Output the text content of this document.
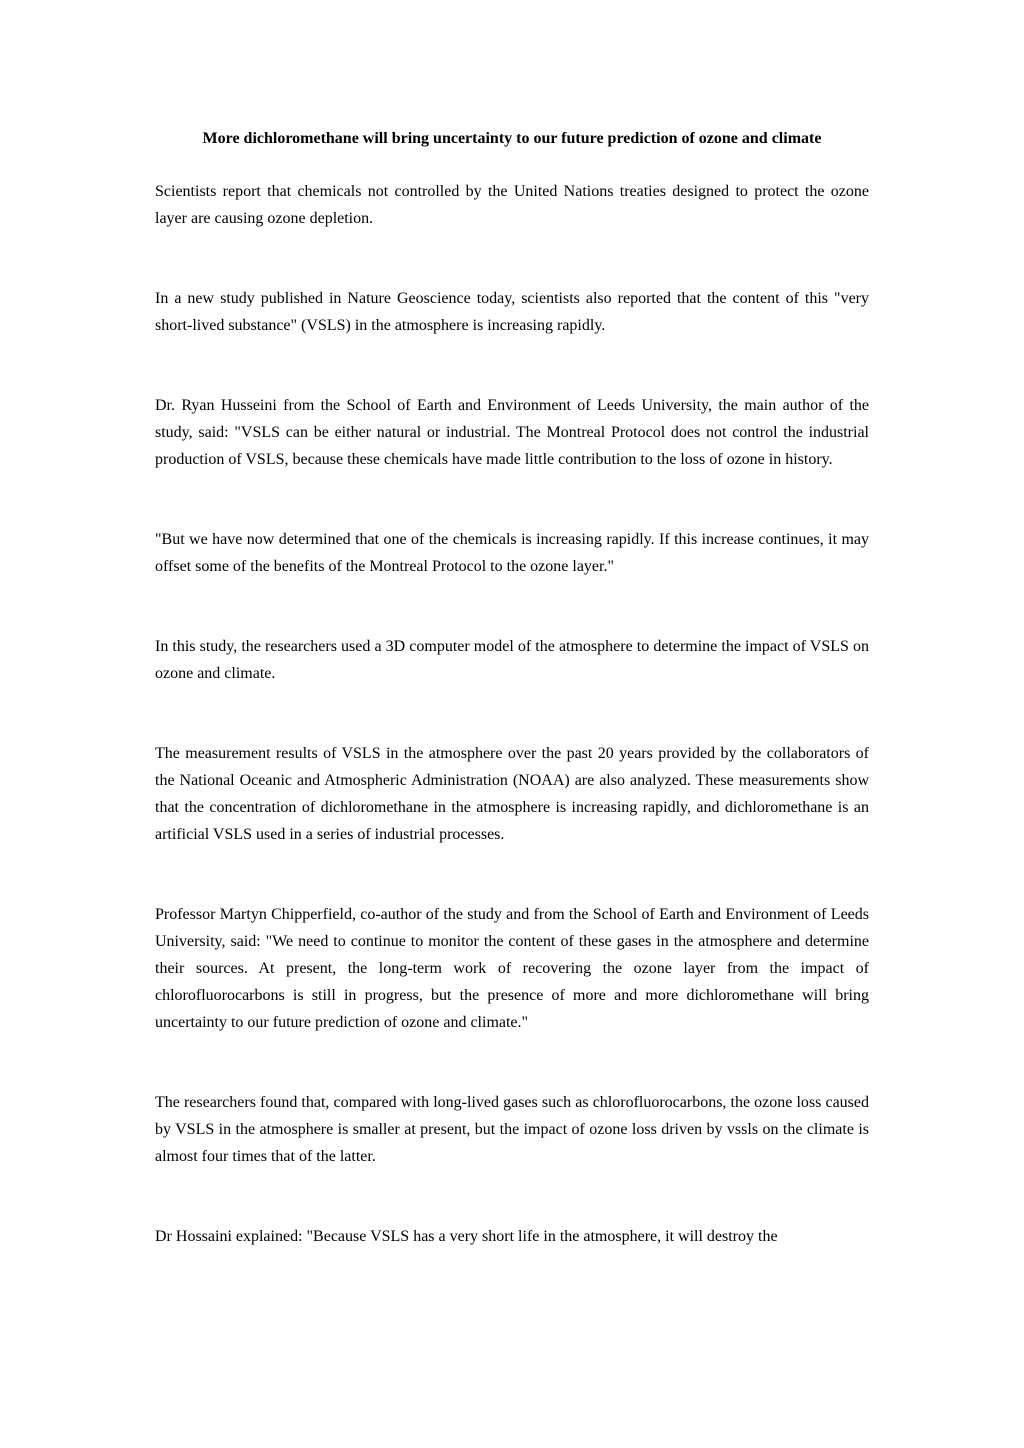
More dichloromethane will bring uncertainty to our future prediction of ozone and climate

Scientists report that chemicals not controlled by the United Nations treaties designed to protect the ozone layer are causing ozone depletion.

In a new study published in Nature Geoscience today, scientists also reported that the content of this "very short-lived substance" (VSLS) in the atmosphere is increasing rapidly.

Dr. Ryan Husseini from the School of Earth and Environment of Leeds University, the main author of the study, said: "VSLS can be either natural or industrial. The Montreal Protocol does not control the industrial production of VSLS, because these chemicals have made little contribution to the loss of ozone in history.

"But we have now determined that one of the chemicals is increasing rapidly. If this increase continues, it may offset some of the benefits of the Montreal Protocol to the ozone layer."

In this study, the researchers used a 3D computer model of the atmosphere to determine the impact of VSLS on ozone and climate.

The measurement results of VSLS in the atmosphere over the past 20 years provided by the collaborators of the National Oceanic and Atmospheric Administration (NOAA) are also analyzed. These measurements show that the concentration of dichloromethane in the atmosphere is increasing rapidly, and dichloromethane is an artificial VSLS used in a series of industrial processes.

Professor Martyn Chipperfield, co-author of the study and from the School of Earth and Environment of Leeds University, said: "We need to continue to monitor the content of these gases in the atmosphere and determine their sources. At present, the long-term work of recovering the ozone layer from the impact of chlorofluorocarbons is still in progress, but the presence of more and more dichloromethane will bring uncertainty to our future prediction of ozone and climate."

The researchers found that, compared with long-lived gases such as chlorofluorocarbons, the ozone loss caused by VSLS in the atmosphere is smaller at present, but the impact of ozone loss driven by vssls on the climate is almost four times that of the latter.

Dr Hossaini explained: "Because VSLS has a very short life in the atmosphere, it will destroy the
